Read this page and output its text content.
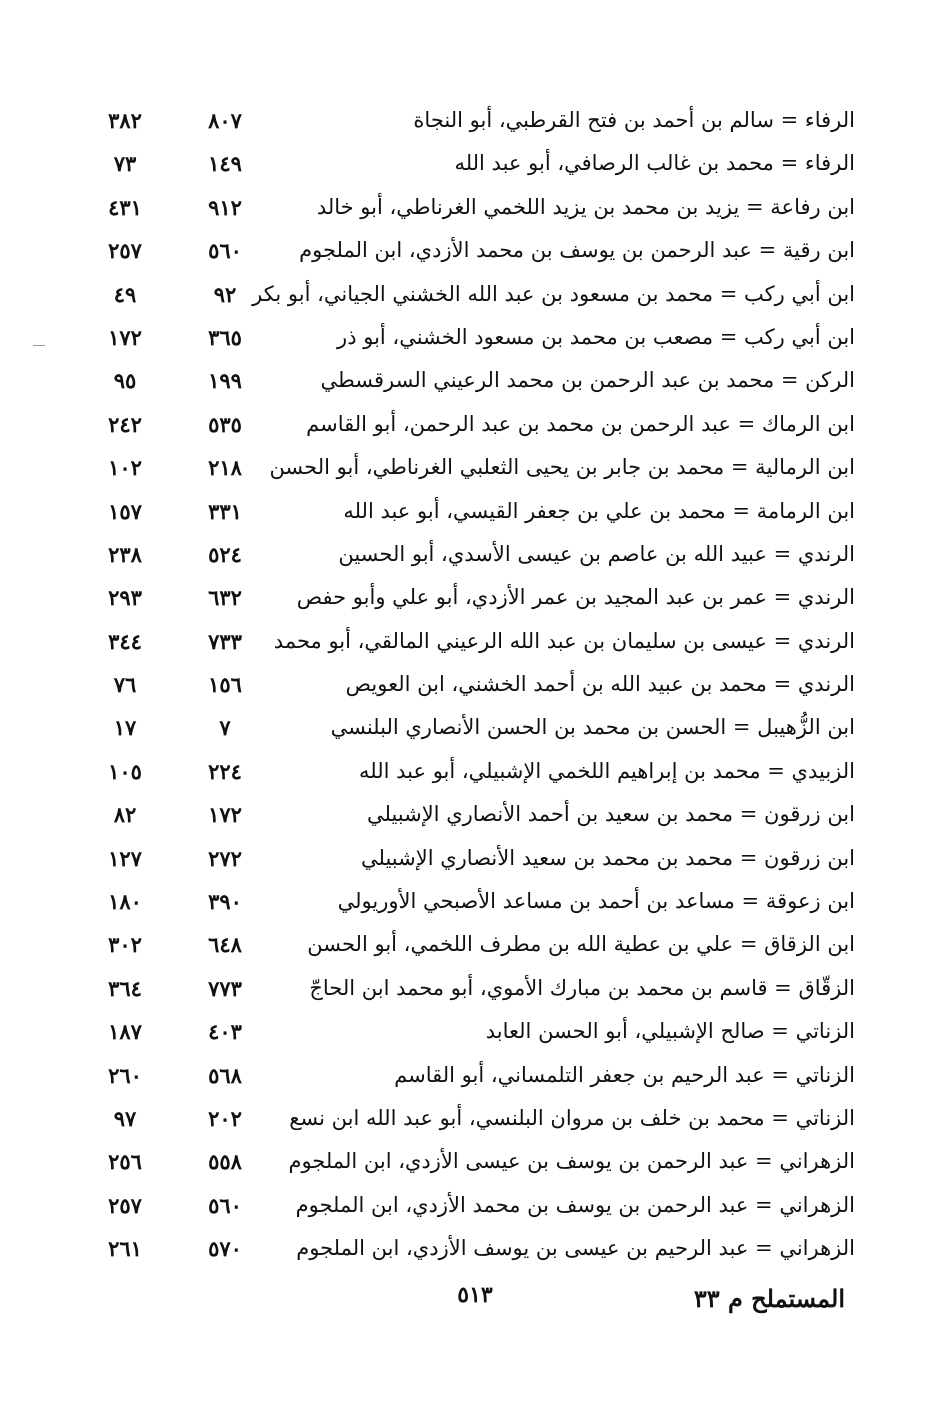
الرفاء = سالم بن أحمد بن فتح القرطبي، أبو النجاة
٨٠٧
٣٨٢
الرفاء = محمد بن غالب الرصافي، أبو عبد الله
١٤٩
٧٣
ابن رفاعة = يزيد بن محمد بن يزيد اللخمي الغرناطي، أبو خالد
٩١٢
٤٣١
ابن رقية = عبد الرحمن بن يوسف بن محمد الأزدي، ابن الملجوم
٥٦٠
٢٥٧
ابن أبي ركب = محمد بن مسعود بن عبد الله الخشني الجياني، أبو بكر
٩٢
٤٩
ابن أبي ركب = مصعب بن محمد بن مسعود الخشني، أبو ذر
٣٦٥
١٧٢
الركن = محمد بن عبد الرحمن بن محمد الرعيني السرقسطي
١٩٩
٩٥
ابن الرماك = عبد الرحمن بن محمد بن عبد الرحمن، أبو القاسم
٥٣٥
٢٤٢
ابن الرمالية = محمد بن جابر بن يحيى الثعلبي الغرناطي، أبو الحسن
٢١٨
١٠٢
ابن الرمامة = محمد بن علي بن جعفر القيسي، أبو عبد الله
٣٣١
١٥٧
الرندي = عبيد الله بن عاصم بن عيسى الأسدي، أبو الحسين
٥٢٤
٢٣٨
الرندي = عمر بن عبد المجيد بن عمر الأزدي، أبو علي وأبو حفص
٦٣٢
٢٩٣
الرندي = عيسى بن سليمان بن عبد الله الرعيني المالقي، أبو محمد
٧٣٣
٣٤٤
الرندي = محمد بن عبيد الله بن أحمد الخشني، ابن العويص
١٥٦
٧٦
ابن الزُّهيبل = الحسن بن محمد بن الحسن الأنصاري البلنسي
٧
١٧
الزبيدي = محمد بن إبراهيم اللخمي الإشبيلي، أبو عبد الله
٢٢٤
١٠٥
ابن زرقون = محمد بن سعيد بن أحمد الأنصاري الإشبيلي
١٧٢
٨٢
ابن زرقون = محمد بن محمد بن سعيد الأنصاري الإشبيلي
٢٧٢
١٢٧
ابن زعوقة = مساعد بن أحمد بن مساعد الأصبحي الأوريولي
٣٩٠
١٨٠
ابن الزقاق = علي بن عطية الله بن مطرف اللخمي، أبو الحسن
٦٤٨
٣٠٢
الزقّاق = قاسم بن محمد بن مبارك الأموي، أبو محمد ابن الحاجّ
٧٧٣
٣٦٤
الزناتي = صالح الإشبيلي، أبو الحسن العابد
٤٠٣
١٨٧
الزناتي = عبد الرحيم بن جعفر التلمساني، أبو القاسم
٥٦٨
٢٦٠
الزناتي = محمد بن خلف بن مروان البلنسي، أبو عبد الله ابن نسع
٢٠٢
٩٧
الزهراني = عبد الرحمن بن يوسف بن عيسى الأزدي، ابن الملجوم
٥٥٨
٢٥٦
الزهراني = عبد الرحمن بن يوسف بن محمد الأزدي، ابن الملجوم
٥٦٠
٢٥٧
الزهراني = عبد الرحيم بن عيسى بن يوسف الأزدي، ابن الملجوم
٥٧٠
٢٦١
٥١٣	المستملح م ٣٣
